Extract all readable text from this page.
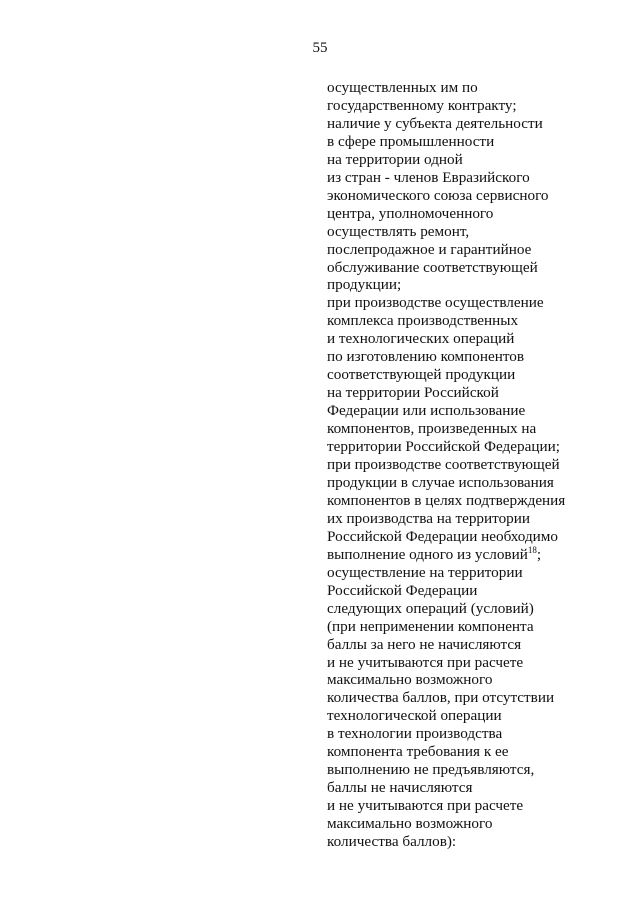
55
осуществленных им по
государственному контракту;
наличие у субъекта деятельности
в сфере промышленности
на территории одной
из стран - членов Евразийского
экономического союза сервисного
центра, уполномоченного
осуществлять ремонт,
послепродажное и гарантийное
обслуживание соответствующей
продукции;
при производстве осуществление
комплекса производственных
и технологических операций
по изготовлению компонентов
соответствующей продукции
на территории Российской
Федерации или использование
компонентов, произведенных на
территории Российской Федерации;
при производстве соответствующей
продукции в случае использования
компонентов в целях подтверждения
их производства на территории
Российской Федерации необходимо
выполнение одного из условий$^{18}$;
осуществление на территории
Российской Федерации
следующих операций (условий)
(при неприменении компонента
баллы за него не начисляются
и не учитываются при расчете
максимально возможного
количества баллов, при отсутствии
технологической операции
в технологии производства
компонента требования к ее
выполнению не предъявляются,
баллы не начисляются
и не учитываются при расчете
максимально возможного
количества баллов):
